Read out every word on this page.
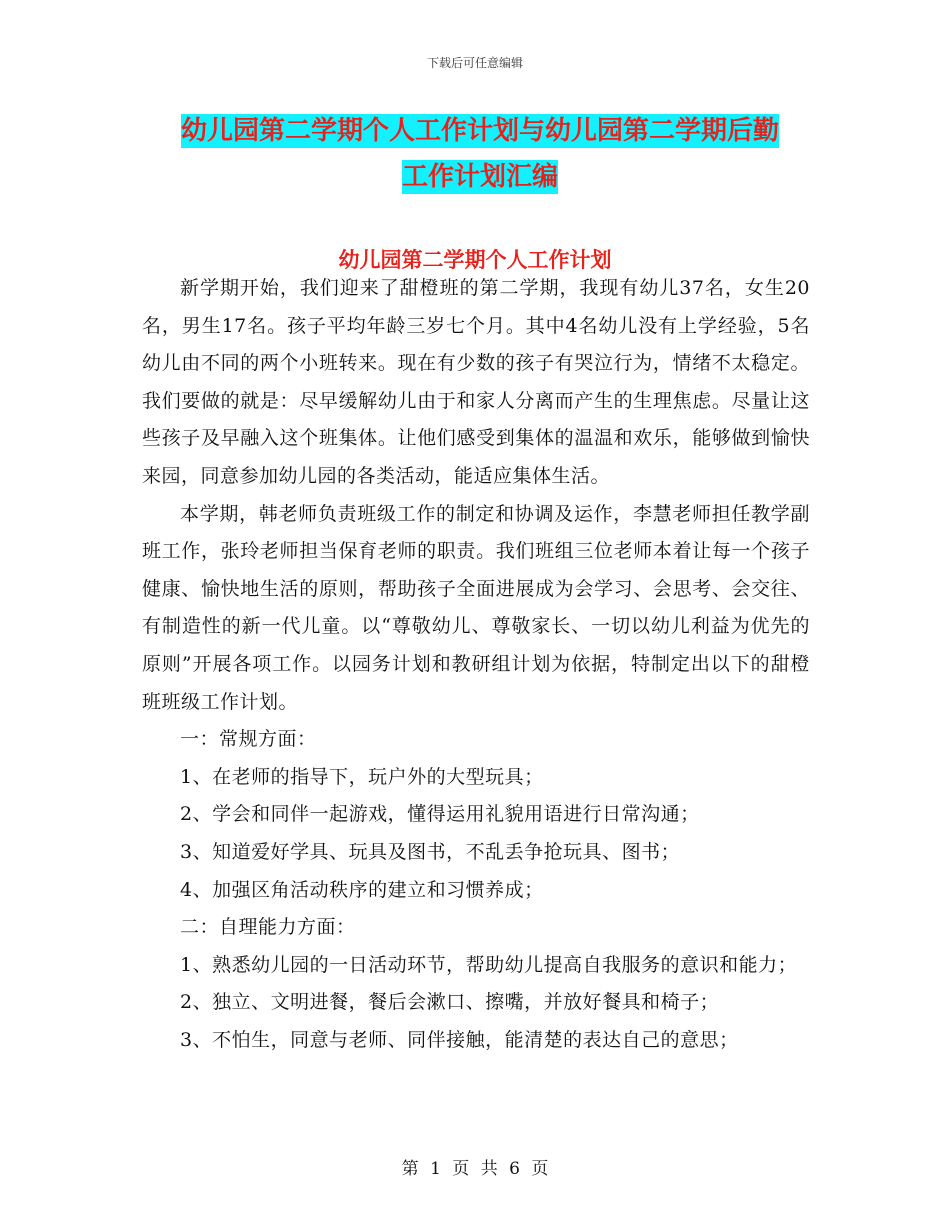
下载后可任意编辑
幼儿园第二学期个人工作计划与幼儿园第二学期后勤
工作计划汇编
幼儿园第二学期个人工作计划

新学期开始，我们迎来了甜橙班的第二学期，我现有幼儿37名，女生20名，男生17名。孩子平均年龄三岁七个月。其中4名幼儿没有上学经验，5名幼儿由不同的两个小班转来。现在有少数的孩子有哭泣行为，情绪不太稳定。我们要做的就是：尽早缓解幼儿由于和家人分离而产生的生理焦虑。尽量让这些孩子及早融入这个班集体。让他们感受到集体的温温和欢乐，能够做到愉快来园，同意参加幼儿园的各类活动，能适应集体生活。

本学期，韩老师负责班级工作的制定和协调及运作，李慧老师担任教学副班工作，张玲老师担当保育老师的职责。我们班组三位老师本着让每一个孩子健康、愉快地生活的原则，帮助孩子全面进展成为会学习、会思考、会交往、有制造性的新一代儿童。以“尊敬幼儿、尊敬家长、一切以幼儿利益为优先的原则”开展各项工作。以园务计划和教研组计划为依据，特制定出以下的甜橙班班级工作计划。

一：常规方面：

1、在老师的指导下，玩户外的大型玩具；

2、学会和同伴一起游戏，懂得运用礼貌用语进行日常沟通；

3、知道爱好学具、玩具及图书，不乱丢争抢玩具、图书；

4、加强区角活动秩序的建立和习惯养成；

二：自理能力方面：

1、熟悉幼儿园的一日活动环节，帮助幼儿提高自我服务的意识和能力；

2、独立、文明进餐，餐后会漱口、擦嘴，并放好餐具和椅子；

3、不怕生，同意与老师、同伴接触，能清楚的表达自己的意思；

第 1 页 共 6 页
